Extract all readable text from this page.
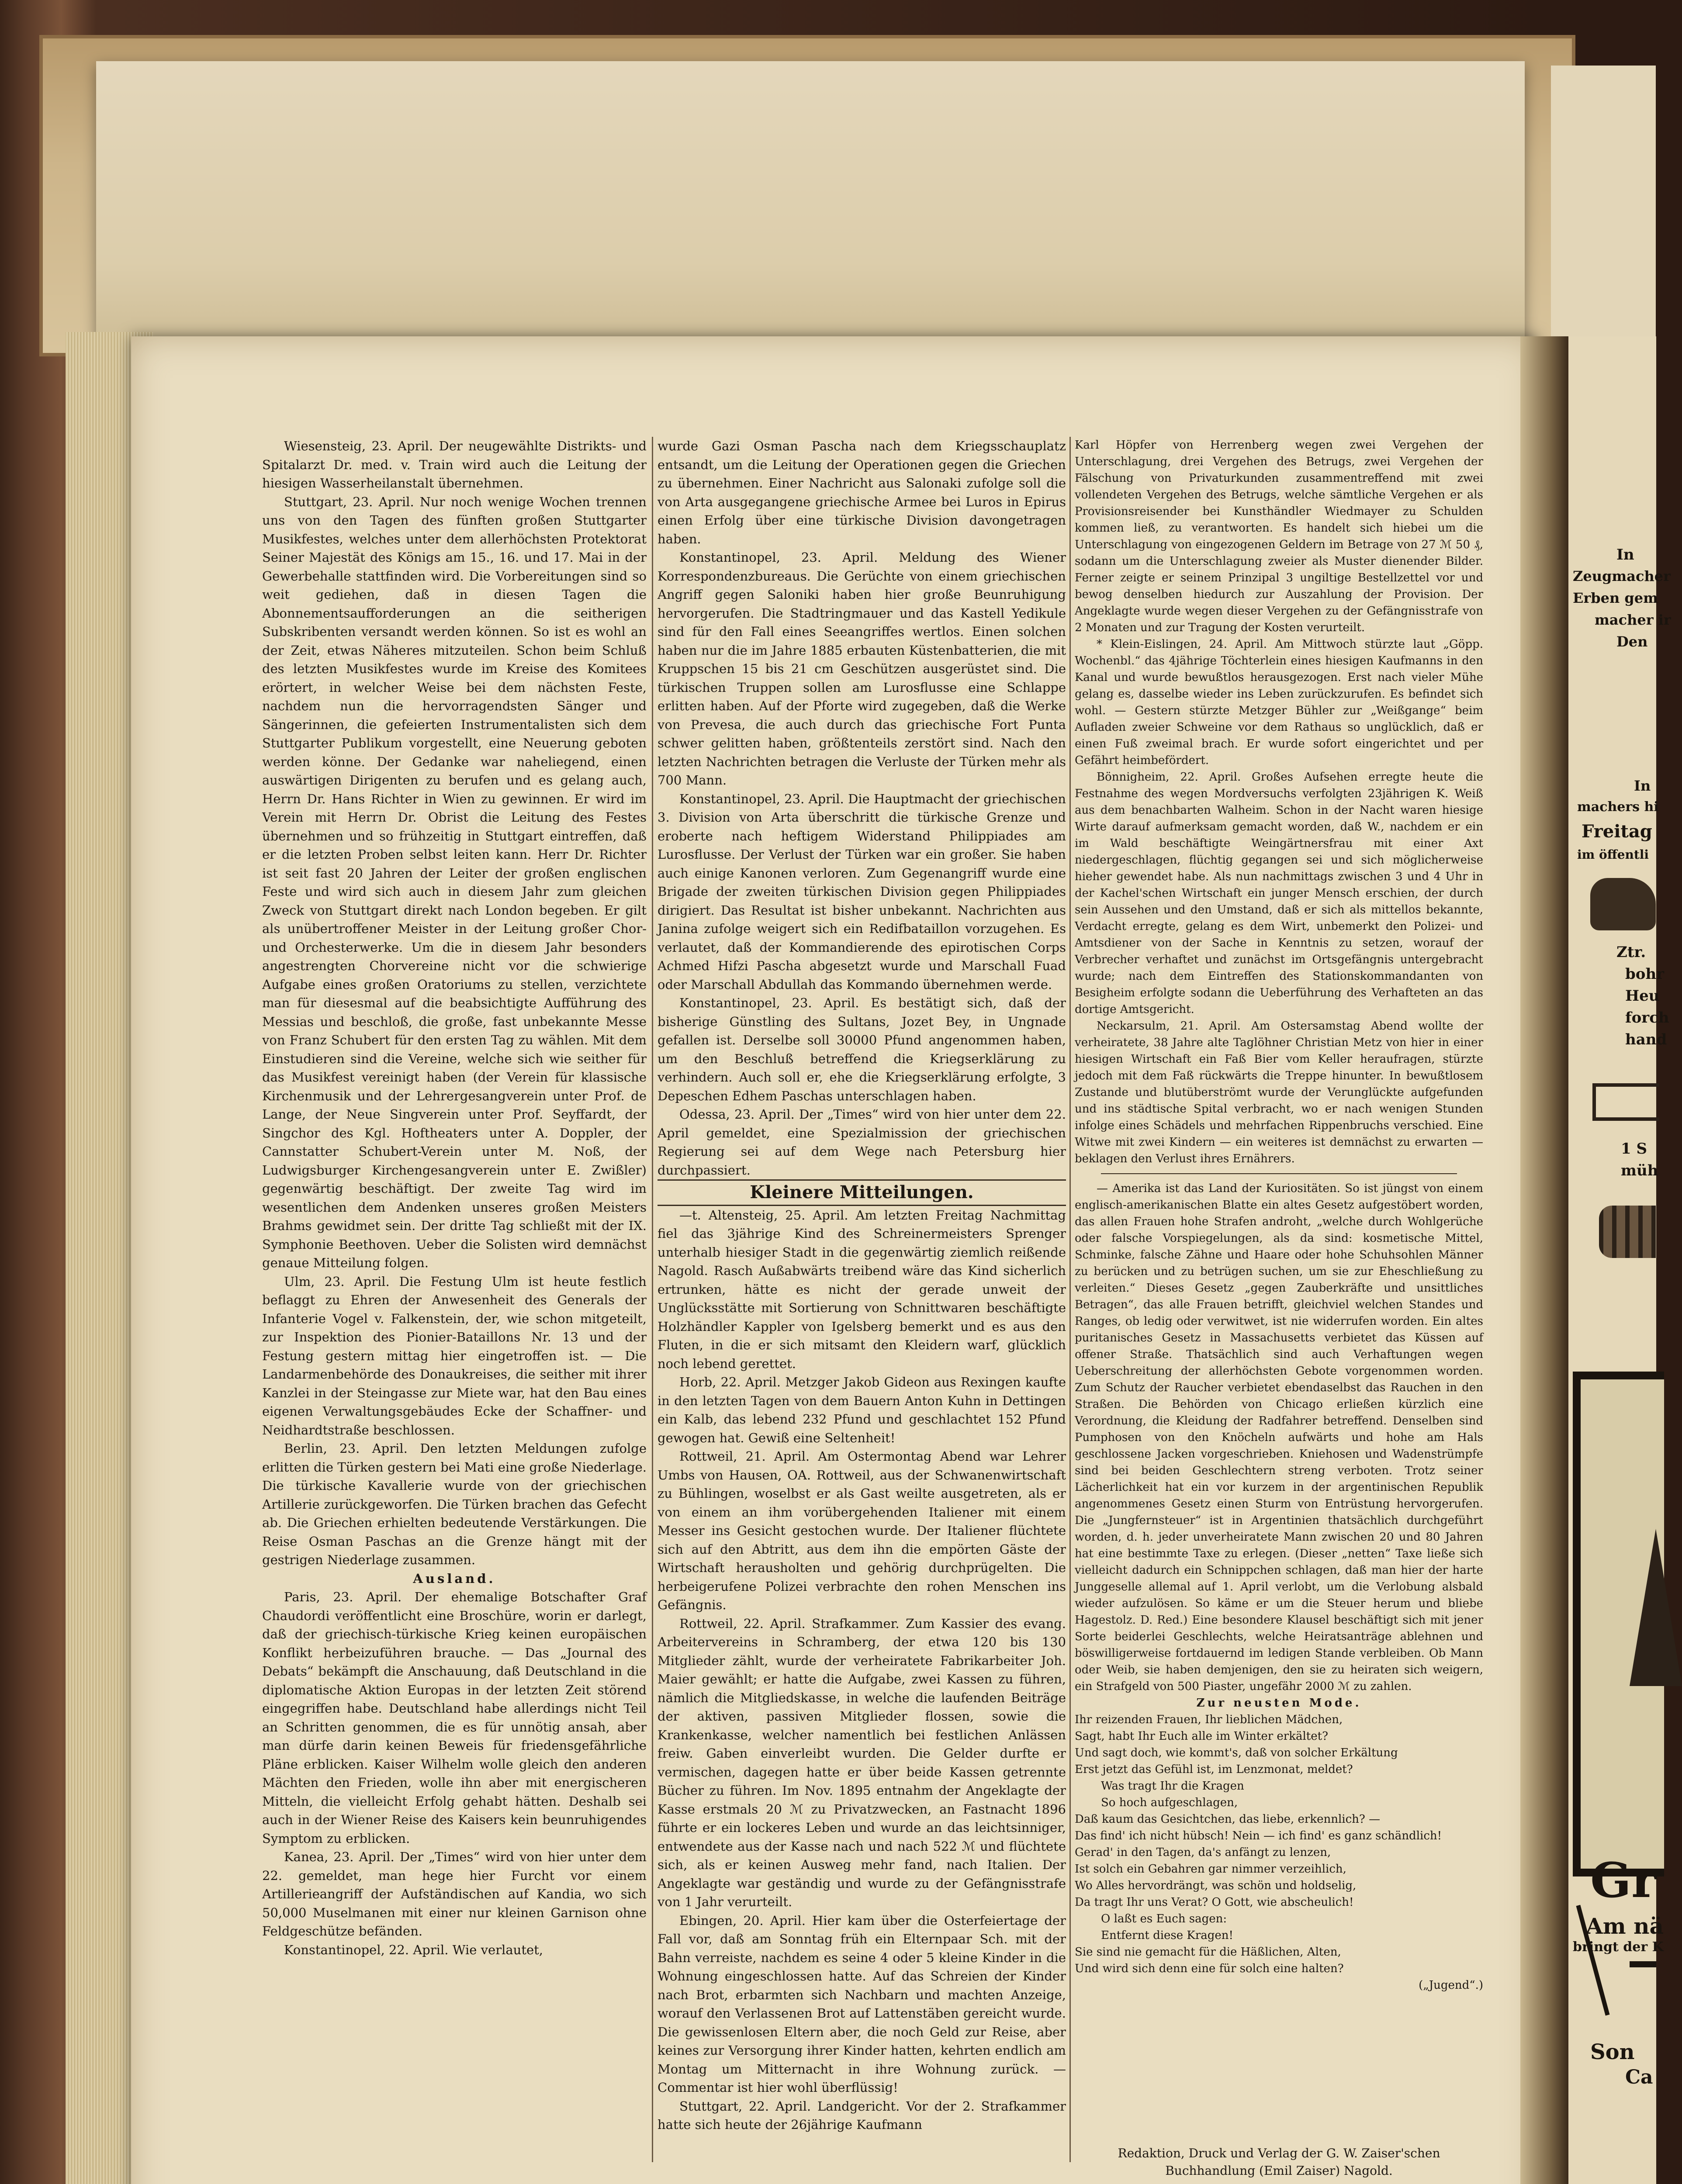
Wiesensteig, 23. April. Der neugewählte Distrikts- und Spitalarzt Dr. med. v. Train wird auch die Leitung der hiesigen Wasserheilanstalt übernehmen.

Stuttgart, 23. April. Nur noch wenige Wochen trennen uns von den Tagen des fünften großen Stuttgarter Musikfestes, welches unter dem allerhöchsten Protektorat Seiner Majestät des Königs am 15., 16. und 17. Mai in der Gewerbehalle stattfinden wird. Die Vorbereitungen sind so weit gediehen, daß in diesen Tagen die Abonnementsaufforderungen an die seitherigen Subskribenten versandt werden können. So ist es wohl an der Zeit, etwas Näheres mitzuteilen. Schon beim Schluß des letzten Musikfestes wurde im Kreise des Komitees erörtert, in welcher Weise bei dem nächsten Feste, nachdem nun die hervorragendsten Sänger und Sängerinnen, die gefeierten Instrumentalisten sich dem Stuttgarter Publikum vorgestellt, eine Neuerung geboten werden könne. Der Gedanke war naheliegend, einen auswärtigen Dirigenten zu berufen und es gelang auch, Herrn Dr. Hans Richter in Wien zu gewinnen. Er wird im Verein mit Herrn Dr. Obrist die Leitung des Festes übernehmen und so frühzeitig in Stuttgart eintreffen, daß er die letzten Proben selbst leiten kann. Herr Dr. Richter ist seit fast 20 Jahren der Leiter der großen englischen Feste und wird sich auch in diesem Jahr zum gleichen Zweck von Stuttgart direkt nach London begeben. Er gilt als unübertroffener Meister in der Leitung großer Chor- und Orchesterwerke. Um die in diesem Jahr besonders angestrengten Chorvereine nicht vor die schwierige Aufgabe eines großen Oratoriums zu stellen, verzichtete man für diesesmal auf die beabsichtigte Aufführung des Messias und beschloß, die große, fast unbekannte Messe von Franz Schubert für den ersten Tag zu wählen. Mit dem Einstudieren sind die Vereine, welche sich wie seither für das Musikfest vereinigt haben (der Verein für klassische Kirchenmusik und der Lehrergesangverein unter Prof. de Lange, der Neue Singverein unter Prof. Seyffardt, der Singchor des Kgl. Hoftheaters unter A. Doppler, der Cannstatter Schubert-Verein unter M. Noß, der Ludwigsburger Kirchengesangverein unter E. Zwißler) gegenwärtig beschäftigt. Der zweite Tag wird im wesentlichen dem Andenken unseres großen Meisters Brahms gewidmet sein. Der dritte Tag schließt mit der IX. Symphonie Beethoven. Ueber die Solisten wird demnächst genaue Mitteilung folgen.

Ulm, 23. April. Die Festung Ulm ist heute festlich beflaggt zu Ehren der Anwesenheit des Generals der Infanterie Vogel v. Falkenstein, der, wie schon mitgeteilt, zur Inspektion des Pionier-Bataillons Nr. 13 und der Festung gestern mittag hier eingetroffen ist. — Die Landarmenbehörde des Donaukreises, die seither mit ihrer Kanzlei in der Steingasse zur Miete war, hat den Bau eines eigenen Verwaltungsgebäudes Ecke der Schaffner- und Neidhardtstraße beschlossen.

Berlin, 23. April. Den letzten Meldungen zufolge erlitten die Türken gestern bei Mati eine große Niederlage. Die türkische Kavallerie wurde von der griechischen Artillerie zurückgeworfen. Die Türken brachen das Gefecht ab. Die Griechen erhielten bedeutende Verstärkungen. Die Reise Osman Paschas an die Grenze hängt mit der gestrigen Niederlage zusammen.

Ausland.

Paris, 23. April. Der ehemalige Botschafter Graf Chaudordi veröffentlicht eine Broschüre, worin er darlegt, daß der griechisch-türkische Krieg keinen europäischen Konflikt herbeizuführen brauche. — Das „Journal des Debats“ bekämpft die Anschauung, daß Deutschland in die diplomatische Aktion Europas in der letzten Zeit störend eingegriffen habe. Deutschland habe allerdings nicht Teil an Schritten genommen, die es für unnötig ansah, aber man dürfe darin keinen Beweis für friedensgefährliche Pläne erblicken. Kaiser Wilhelm wolle gleich den anderen Mächten den Frieden, wolle ihn aber mit energischeren Mitteln, die vielleicht Erfolg gehabt hätten. Deshalb sei auch in der Wiener Reise des Kaisers kein beunruhigendes Symptom zu erblicken.

Kanea, 23. April. Der „Times“ wird von hier unter dem 22. gemeldet, man hege hier Furcht vor einem Artillerieangriff der Aufständischen auf Kandia, wo sich 50,000 Muselmanen mit einer nur kleinen Garnison ohne Feldgeschütze befänden.

Konstantinopel, 22. April. Wie verlautet,

wurde Gazi Osman Pascha nach dem Kriegsschauplatz entsandt, um die Leitung der Operationen gegen die Griechen zu übernehmen. Einer Nachricht aus Salonaki zufolge soll die von Arta ausgegangene griechische Armee bei Luros in Epirus einen Erfolg über eine türkische Division davongetragen haben.

Konstantinopel, 23. April. Meldung des Wiener Korrespondenzbureaus. Die Gerüchte von einem griechischen Angriff gegen Saloniki haben hier große Beunruhigung hervorgerufen. Die Stadtringmauer und das Kastell Yedikule sind für den Fall eines Seeangriffes wertlos. Einen solchen haben nur die im Jahre 1885 erbauten Küstenbatterien, die mit Kruppschen 15 bis 21 cm Geschützen ausgerüstet sind. Die türkischen Truppen sollen am Lurosflusse eine Schlappe erlitten haben. Auf der Pforte wird zugegeben, daß die Werke von Prevesa, die auch durch das griechische Fort Punta schwer gelitten haben, größtenteils zerstört sind. Nach den letzten Nachrichten betragen die Verluste der Türken mehr als 700 Mann.

Konstantinopel, 23. April. Die Hauptmacht der griechischen 3. Division von Arta überschritt die türkische Grenze und eroberte nach heftigem Widerstand Philippiades am Lurosflusse. Der Verlust der Türken war ein großer. Sie haben auch einige Kanonen verloren. Zum Gegenangriff wurde eine Brigade der zweiten türkischen Division gegen Philippiades dirigiert. Das Resultat ist bisher unbekannt. Nachrichten aus Janina zufolge weigert sich ein Redifbataillon vorzugehen. Es verlautet, daß der Kommandierende des epirotischen Corps Achmed Hifzi Pascha abgesetzt wurde und Marschall Fuad oder Marschall Abdullah das Kommando übernehmen werde.

Konstantinopel, 23. April. Es bestätigt sich, daß der bisherige Günstling des Sultans, Jozet Bey, in Ungnade gefallen ist. Derselbe soll 30000 Pfund angenommen haben, um den Beschluß betreffend die Kriegserklärung zu verhindern. Auch soll er, ehe die Kriegserklärung erfolgte, 3 Depeschen Edhem Paschas unterschlagen haben.

Odessa, 23. April. Der „Times“ wird von hier unter dem 22. April gemeldet, eine Spezialmission der griechischen Regierung sei auf dem Wege nach Petersburg hier durchpassiert.

Kleinere Mitteilungen.

—t. Altensteig, 25. April. Am letzten Freitag Nachmittag fiel das 3jährige Kind des Schreinermeisters Sprenger unterhalb hiesiger Stadt in die gegenwärtig ziemlich reißende Nagold. Rasch Außabwärts treibend wäre das Kind sicherlich ertrunken, hätte es nicht der gerade unweit der Unglücksstätte mit Sortierung von Schnittwaren beschäftigte Holzhändler Kappler von Igelsberg bemerkt und es aus den Fluten, in die er sich mitsamt den Kleidern warf, glücklich noch lebend gerettet.

Horb, 22. April. Metzger Jakob Gideon aus Rexingen kaufte in den letzten Tagen von dem Bauern Anton Kuhn in Dettingen ein Kalb, das lebend 232 Pfund und geschlachtet 152 Pfund gewogen hat. Gewiß eine Seltenheit!

Rottweil, 21. April. Am Ostermontag Abend war Lehrer Umbs von Hausen, OA. Rottweil, aus der Schwanenwirtschaft zu Bühlingen, woselbst er als Gast weilte ausgetreten, als er von einem an ihm vorübergehenden Italiener mit einem Messer ins Gesicht gestochen wurde. Der Italiener flüchtete sich auf den Abtritt, aus dem ihn die empörten Gäste der Wirtschaft herausholten und gehörig durchprügelten. Die herbeigerufene Polizei verbrachte den rohen Menschen ins Gefängnis.

Rottweil, 22. April. Strafkammer. Zum Kassier des evang. Arbeitervereins in Schramberg, der etwa 120 bis 130 Mitglieder zählt, wurde der verheiratete Fabrikarbeiter Joh. Maier gewählt; er hatte die Aufgabe, zwei Kassen zu führen, nämlich die Mitgliedskasse, in welche die laufenden Beiträge der aktiven, passiven Mitglieder flossen, sowie die Krankenkasse, welcher namentlich bei festlichen Anlässen freiw. Gaben einverleibt wurden. Die Gelder durfte er vermischen, dagegen hatte er über beide Kassen getrennte Bücher zu führen. Im Nov. 1895 entnahm der Angeklagte der Kasse erstmals 20 ℳ zu Privatzwecken, an Fastnacht 1896 führte er ein lockeres Leben und wurde an das leichtsinniger, entwendete aus der Kasse nach und nach 522 ℳ und flüchtete sich, als er keinen Ausweg mehr fand, nach Italien. Der Angeklagte war geständig und wurde zu der Gefängnisstrafe von 1 Jahr verurteilt.

Ebingen, 20. April. Hier kam über die Osterfeiertage der Fall vor, daß am Sonntag früh ein Elternpaar Sch. mit der Bahn verreiste, nachdem es seine 4 oder 5 kleine Kinder in die Wohnung eingeschlossen hatte. Auf das Schreien der Kinder nach Brot, erbarmten sich Nachbarn und machten Anzeige, worauf den Verlassenen Brot auf Lattenstäben gereicht wurde. Die gewissenlosen Eltern aber, die noch Geld zur Reise, aber keines zur Versorgung ihrer Kinder hatten, kehrten endlich am Montag um Mitternacht in ihre Wohnung zurück. — Commentar ist hier wohl überflüssig!

Stuttgart, 22. April. Landgericht. Vor der 2. Strafkammer hatte sich heute der 26jährige Kaufmann

Karl Höpfer von Herrenberg wegen zwei Vergehen der Unterschlagung, drei Vergehen des Betrugs, zwei Vergehen der Fälschung von Privaturkunden zusammentreffend mit zwei vollendeten Vergehen des Betrugs, welche sämtliche Vergehen er als Provisionsreisender bei Kunsthändler Wiedmayer zu Schulden kommen ließ, zu verantworten. Es handelt sich hiebei um die Unterschlagung von eingezogenen Geldern im Betrage von 27 ℳ 50 ₰, sodann um die Unterschlagung zweier als Muster dienender Bilder. Ferner zeigte er seinem Prinzipal 3 ungiltige Bestellzettel vor und bewog denselben hiedurch zur Auszahlung der Provision. Der Angeklagte wurde wegen dieser Vergehen zu der Gefängnisstrafe von 2 Monaten und zur Tragung der Kosten verurteilt.

* Klein-Eislingen, 24. April. Am Mittwoch stürzte laut „Göpp. Wochenbl.“ das 4jährige Töchterlein eines hiesigen Kaufmanns in den Kanal und wurde bewußtlos herausgezogen. Erst nach vieler Mühe gelang es, dasselbe wieder ins Leben zurückzurufen. Es befindet sich wohl. — Gestern stürzte Metzger Bühler zur „Weißgange“ beim Aufladen zweier Schweine vor dem Rathaus so unglücklich, daß er einen Fuß zweimal brach. Er wurde sofort eingerichtet und per Gefährt heimbefördert.

Bönnigheim, 22. April. Großes Aufsehen erregte heute die Festnahme des wegen Mordversuchs verfolgten 23jährigen K. Weiß aus dem benachbarten Walheim. Schon in der Nacht waren hiesige Wirte darauf aufmerksam gemacht worden, daß W., nachdem er ein im Wald beschäftigte Weingärtnersfrau mit einer Axt niedergeschlagen, flüchtig gegangen sei und sich möglicherweise hieher gewendet habe. Als nun nachmittags zwischen 3 und 4 Uhr in der Kachel'schen Wirtschaft ein junger Mensch erschien, der durch sein Aussehen und den Umstand, daß er sich als mittellos bekannte, Verdacht erregte, gelang es dem Wirt, unbemerkt den Polizei- und Amtsdiener von der Sache in Kenntnis zu setzen, worauf der Verbrecher verhaftet und zunächst im Ortsgefängnis untergebracht wurde; nach dem Eintreffen des Stationskommandanten von Besigheim erfolgte sodann die Ueberführung des Verhafteten an das dortige Amtsgericht.

Neckarsulm, 21. April. Am Ostersamstag Abend wollte der verheiratete, 38 Jahre alte Taglöhner Christian Metz von hier in einer hiesigen Wirtschaft ein Faß Bier vom Keller heraufragen, stürzte jedoch mit dem Faß rückwärts die Treppe hinunter. In bewußtlosem Zustande und blutüberströmt wurde der Verunglückte aufgefunden und ins städtische Spital verbracht, wo er nach wenigen Stunden infolge eines Schädels und mehrfachen Rippenbruchs verschied. Eine Witwe mit zwei Kindern — ein weiteres ist demnächst zu erwarten — beklagen den Verlust ihres Ernährers.

— Amerika ist das Land der Kuriositäten. So ist jüngst von einem englisch-amerikanischen Blatte ein altes Gesetz aufgestöbert worden, das allen Frauen hohe Strafen androht, „welche durch Wohlgerüche oder falsche Vorspiegelungen, als da sind: kosmetische Mittel, Schminke, falsche Zähne und Haare oder hohe Schuhsohlen Männer zu berücken und zu betrügen suchen, um sie zur Eheschließung zu verleiten.“ Dieses Gesetz „gegen Zauberkräfte und unsittliches Betragen“, das alle Frauen betrifft, gleichviel welchen Standes und Ranges, ob ledig oder verwitwet, ist nie widerrufen worden. Ein altes puritanisches Gesetz in Massachusetts verbietet das Küssen auf offener Straße. Thatsächlich sind auch Verhaftungen wegen Ueberschreitung der allerhöchsten Gebote vorgenommen worden. Zum Schutz der Raucher verbietet ebendaselbst das Rauchen in den Straßen. Die Behörden von Chicago erließen kürzlich eine Verordnung, die Kleidung der Radfahrer betreffend. Denselben sind Pumphosen von den Knöcheln aufwärts und hohe am Hals geschlossene Jacken vorgeschrieben. Kniehosen und Wadenstrümpfe sind bei beiden Geschlechtern streng verboten. Trotz seiner Lächerlichkeit hat ein vor kurzem in der argentinischen Republik angenommenes Gesetz einen Sturm von Entrüstung hervorgerufen. Die „Jungfernsteuer“ ist in Argentinien thatsächlich durchgeführt worden, d. h. jeder unverheiratete Mann zwischen 20 und 80 Jahren hat eine bestimmte Taxe zu erlegen. (Dieser „netten“ Taxe ließe sich vielleicht dadurch ein Schnippchen schlagen, daß man hier der harte Junggeselle allemal auf 1. April verlobt, um die Verlobung alsbald wieder aufzulösen. So käme er um die Steuer herum und bliebe Hagestolz. D. Red.) Eine besondere Klausel beschäftigt sich mit jener Sorte beiderlei Geschlechts, welche Heiratsanträge ablehnen und böswilligerweise fortdauernd im ledigen Stande verbleiben. Ob Mann oder Weib, sie haben demjenigen, den sie zu heiraten sich weigern, ein Strafgeld von 500 Piaster, ungefähr 2000 ℳ zu zahlen.

Zur neusten Mode.

Ihr reizenden Frauen, Ihr lieblichen Mädchen,

Sagt, habt Ihr Euch alle im Winter erkältet?

Und sagt doch, wie kommt's, daß von solcher Erkältung

Erst jetzt das Gefühl ist, im Lenzmonat, meldet?

Was tragt Ihr die Kragen

So hoch aufgeschlagen,

Daß kaum das Gesichtchen, das liebe, erkennlich? —

Das find' ich nicht hübsch! Nein — ich find' es ganz schändlich!

Gerad' in den Tagen, da's anfängt zu lenzen,

Ist solch ein Gebahren gar nimmer verzeihlich,

Wo Alles hervordrängt, was schön und holdselig,

Da tragt Ihr uns Verat? O Gott, wie abscheulich!

O laßt es Euch sagen:

Entfernt diese Kragen!

Sie sind nie gemacht für die Häßlichen, Alten,

Und wird sich denn eine für solch eine halten?

(„Jugend“.)

Redaktion, Druck und Verlag der G. W. Zaiser'schen Buchhandlung (Emil Zaiser) Nagold.
In
Zeugmacher
Erben gem
macher ir
Den
In
machers hi
Freitag
im öffentli
Ztr.
bohr
Heu
forch
hand
1 S
müh
Gr
Am nä
bringt der K
Son
Ca
